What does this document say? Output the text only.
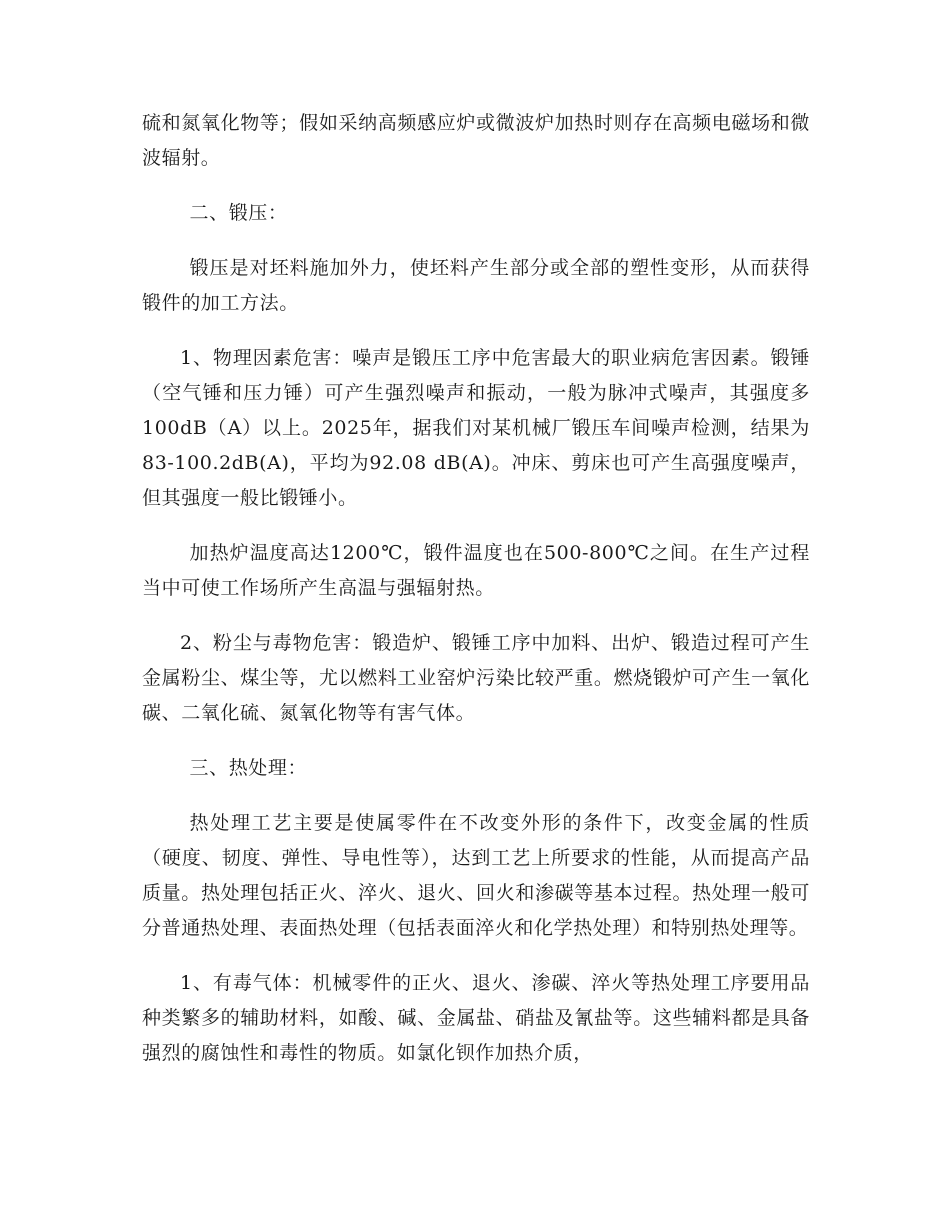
硫和氮氧化物等；假如采纳高频感应炉或微波炉加热时则存在高频电磁场和微波辐射。

二、锻压：

锻压是对坯料施加外力，使坯料产生部分或全部的塑性变形，从而获得锻件的加工方法。

1、物理因素危害：噪声是锻压工序中危害最大的职业病危害因素。锻锤（空气锤和压力锤）可产生强烈噪声和振动，一般为脉冲式噪声，其强度多100dB（A）以上。2025年，据我们对某机械厂锻压车间噪声检测，结果为83-100.2dB(A)，平均为92.08 dB(A)。冲床、剪床也可产生高强度噪声，但其强度一般比锻锤小。

加热炉温度高达1200℃，锻件温度也在500-800℃之间。在生产过程当中可使工作场所产生高温与强辐射热。

2、粉尘与毒物危害：锻造炉、锻锤工序中加料、出炉、锻造过程可产生金属粉尘、煤尘等，尤以燃料工业窑炉污染比较严重。燃烧锻炉可产生一氧化碳、二氧化硫、氮氧化物等有害气体。

三、热处理：

热处理工艺主要是使属零件在不改变外形的条件下，改变金属的性质（硬度、韧度、弹性、导电性等），达到工艺上所要求的性能，从而提高产品质量。热处理包括正火、淬火、退火、回火和渗碳等基本过程。热处理一般可分普通热处理、表面热处理（包括表面淬火和化学热处理）和特别热处理等。

1、有毒气体：机械零件的正火、退火、渗碳、淬火等热处理工序要用品种类繁多的辅助材料，如酸、碱、金属盐、硝盐及氰盐等。这些辅料都是具备强烈的腐蚀性和毒性的物质。如氯化钡作加热介质，
